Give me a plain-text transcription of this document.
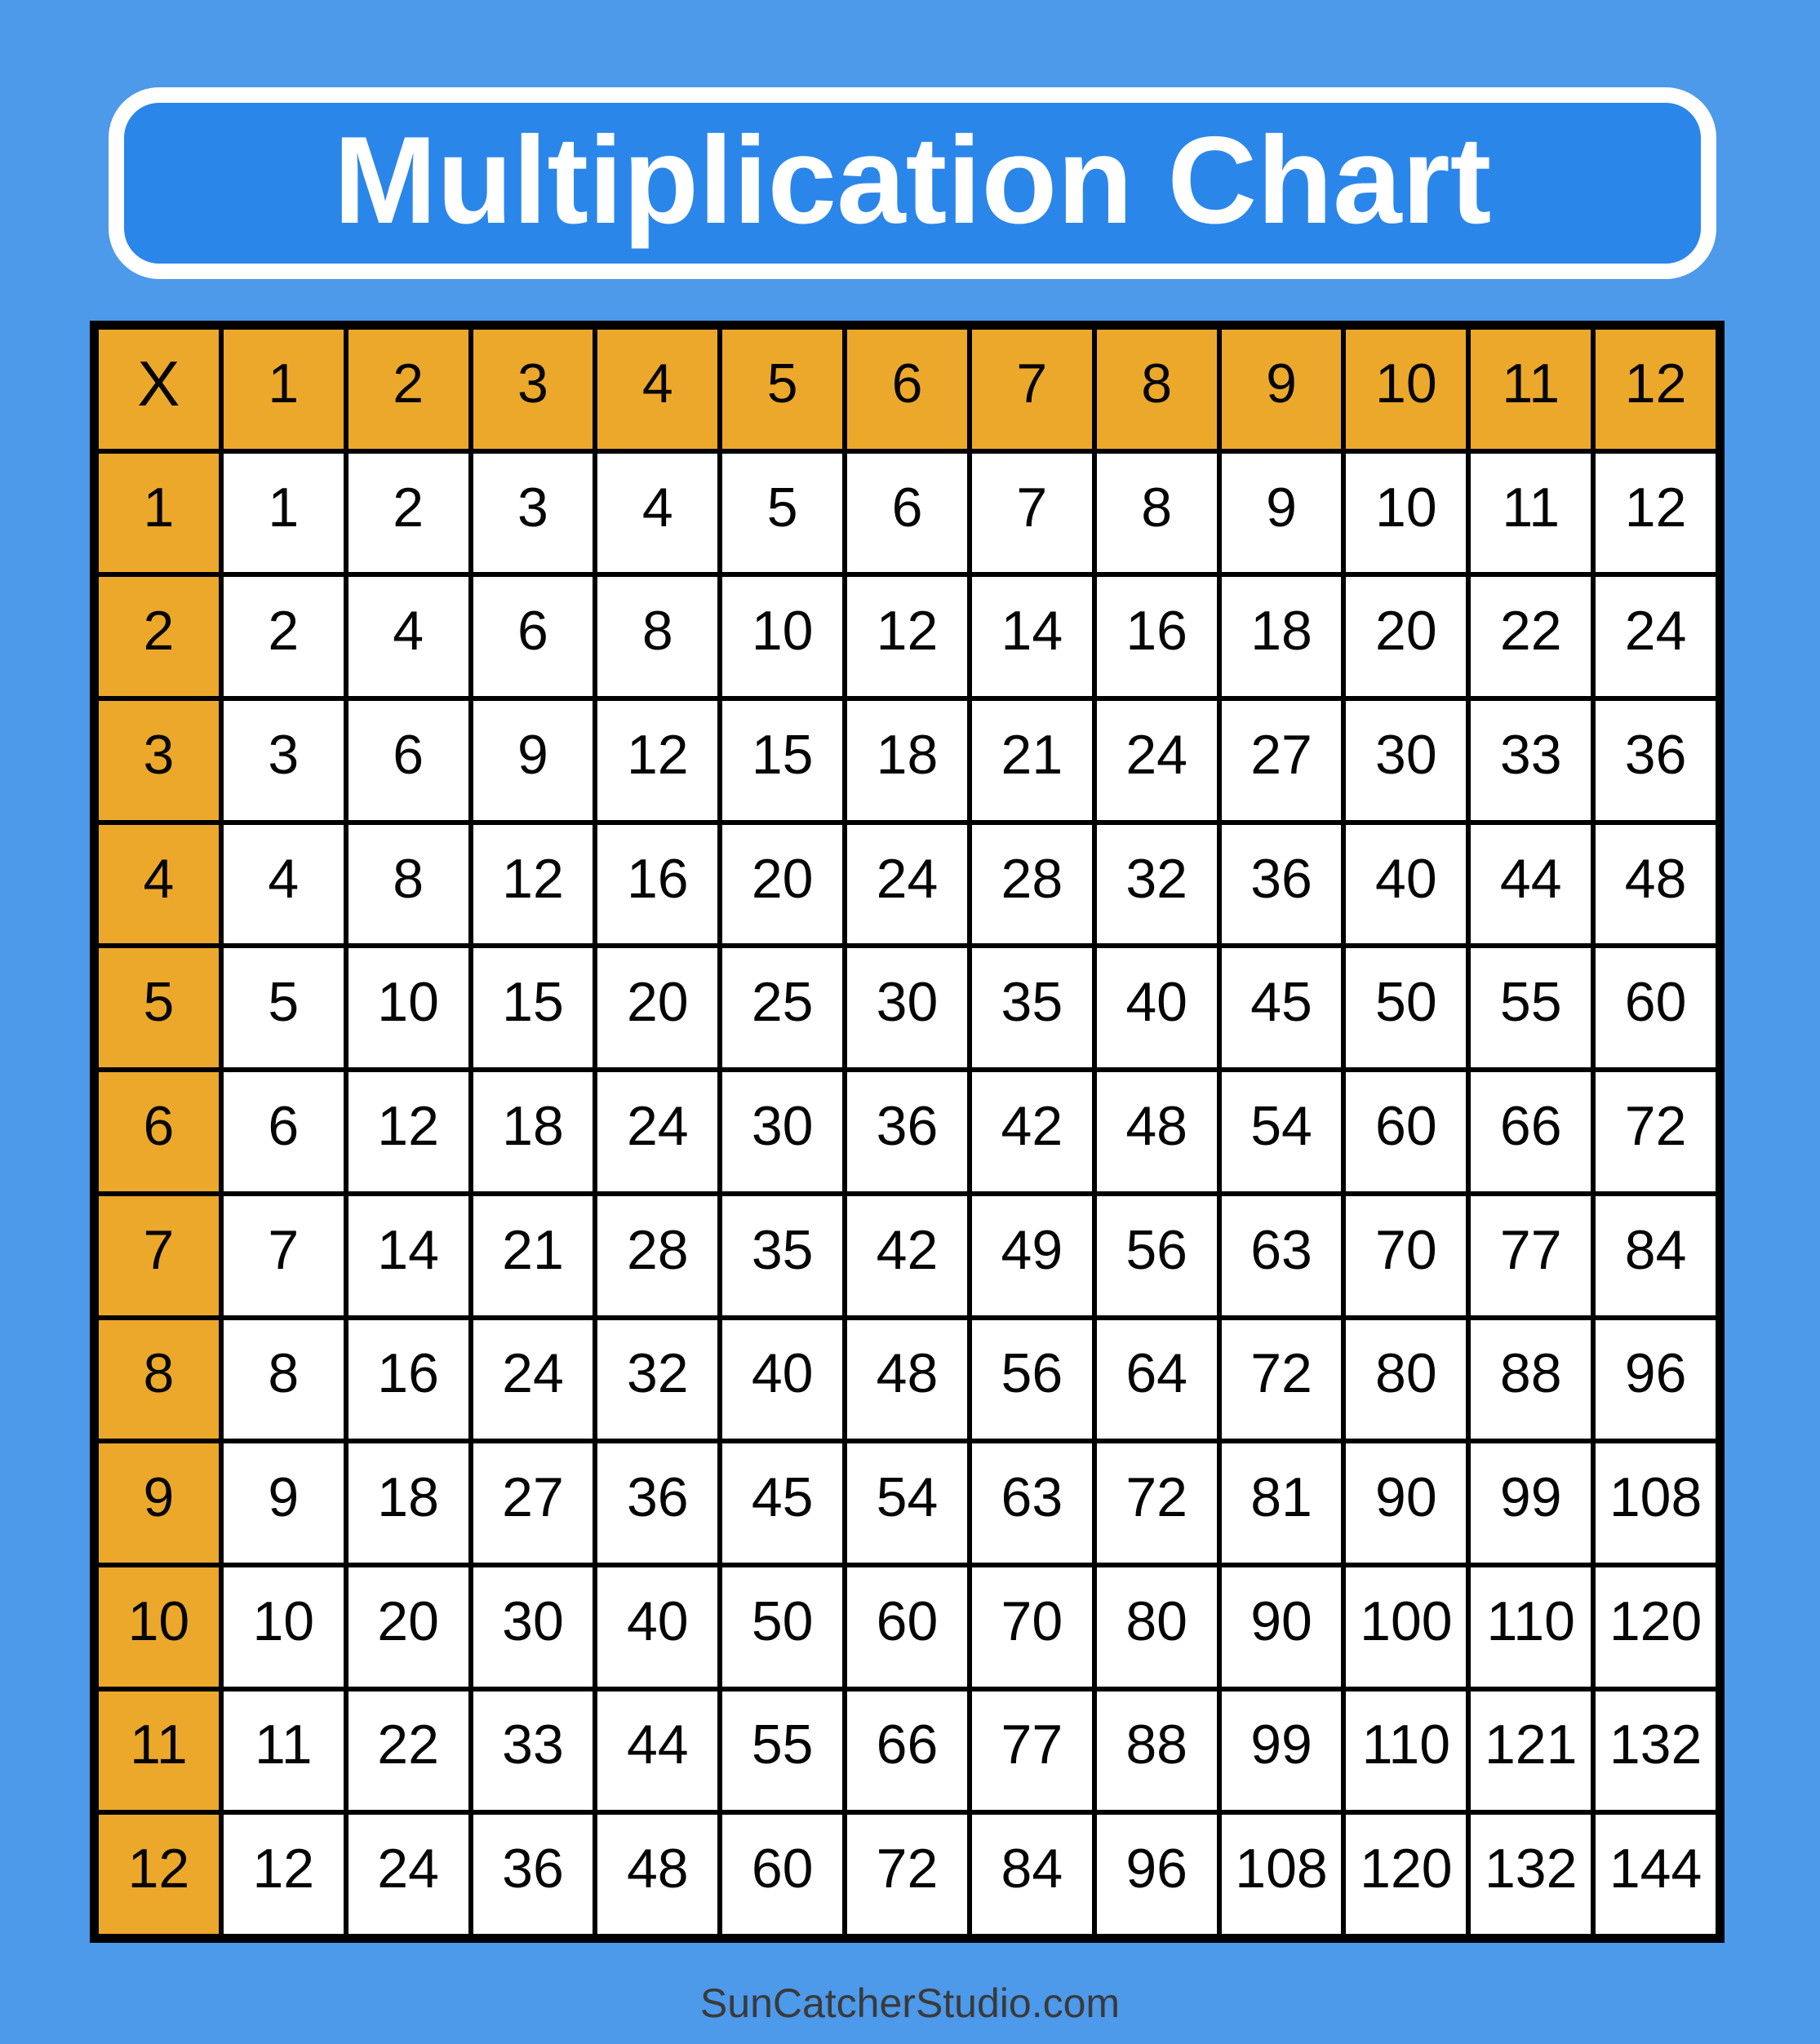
Multiplication Chart
X	1	2	3	4	5	6	7	8	9	10	11	12
1	1	2	3	4	5	6	7	8	9	10	11	12
2	2	4	6	8	10	12	14	16	18	20	22	24
3	3	6	9	12	15	18	21	24	27	30	33	36
4	4	8	12	16	20	24	28	32	36	40	44	48
5	5	10	15	20	25	30	35	40	45	50	55	60
6	6	12	18	24	30	36	42	48	54	60	66	72
7	7	14	21	28	35	42	49	56	63	70	77	84
8	8	16	24	32	40	48	56	64	72	80	88	96
9	9	18	27	36	45	54	63	72	81	90	99 108
10	10	20	30	40	50	60	70	80	90 100 110 120
11	11	22	33	44	55	66	77	88	99 110 121 132
12	12	24	36	48	60	72	84	96 108 120 132 144
SunCatcherStudio.com
